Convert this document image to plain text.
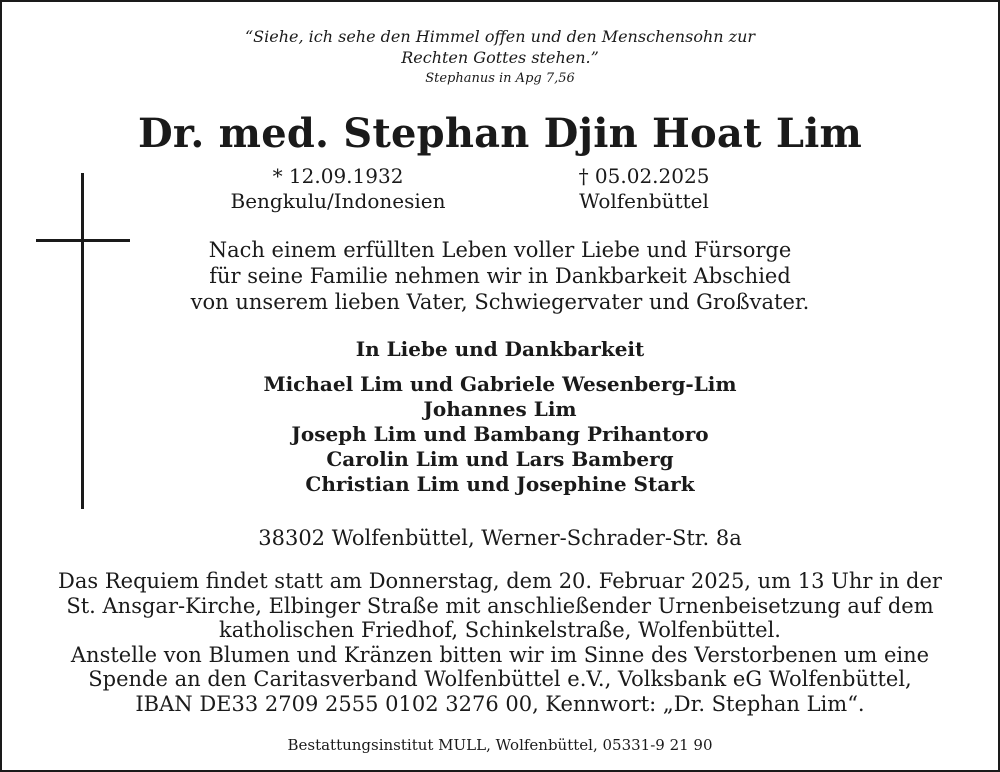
“Siehe, ich sehe den Himmel offen und den Menschensohn zur
Rechten Gottes stehen.”
Stephanus in Apg 7,56
Dr. med. Stephan Djin Hoat Lim
* 12.09.1932
Bengkulu/Indonesien
† 05.02.2025
Wolfenbüttel
Nach einem erfüllten Leben voller Liebe und Fürsorge
für seine Familie nehmen wir in Dankbarkeit Abschied
von unserem lieben Vater, Schwiegervater und Großvater.
In Liebe und Dankbarkeit
Michael Lim und Gabriele Wesenberg-Lim
Johannes Lim
Joseph Lim und Bambang Prihantoro
Carolin Lim und Lars Bamberg
Christian Lim und Josephine Stark
38302 Wolfenbüttel, Werner-Schrader-Str. 8a
Das Requiem findet statt am Donnerstag, dem 20. Februar 2025, um 13 Uhr in der
St. Ansgar-Kirche, Elbinger Straße mit anschließender Urnenbeisetzung auf dem
katholischen Friedhof, Schinkelstraße, Wolfenbüttel.
Anstelle von Blumen und Kränzen bitten wir im Sinne des Verstorbenen um eine
Spende an den Caritasverband Wolfenbüttel e.V., Volksbank eG Wolfenbüttel,
IBAN DE33 2709 2555 0102 3276 00, Kennwort: „Dr. Stephan Lim“.
Bestattungsinstitut MULL, Wolfenbüttel, 05331-9 21 90
